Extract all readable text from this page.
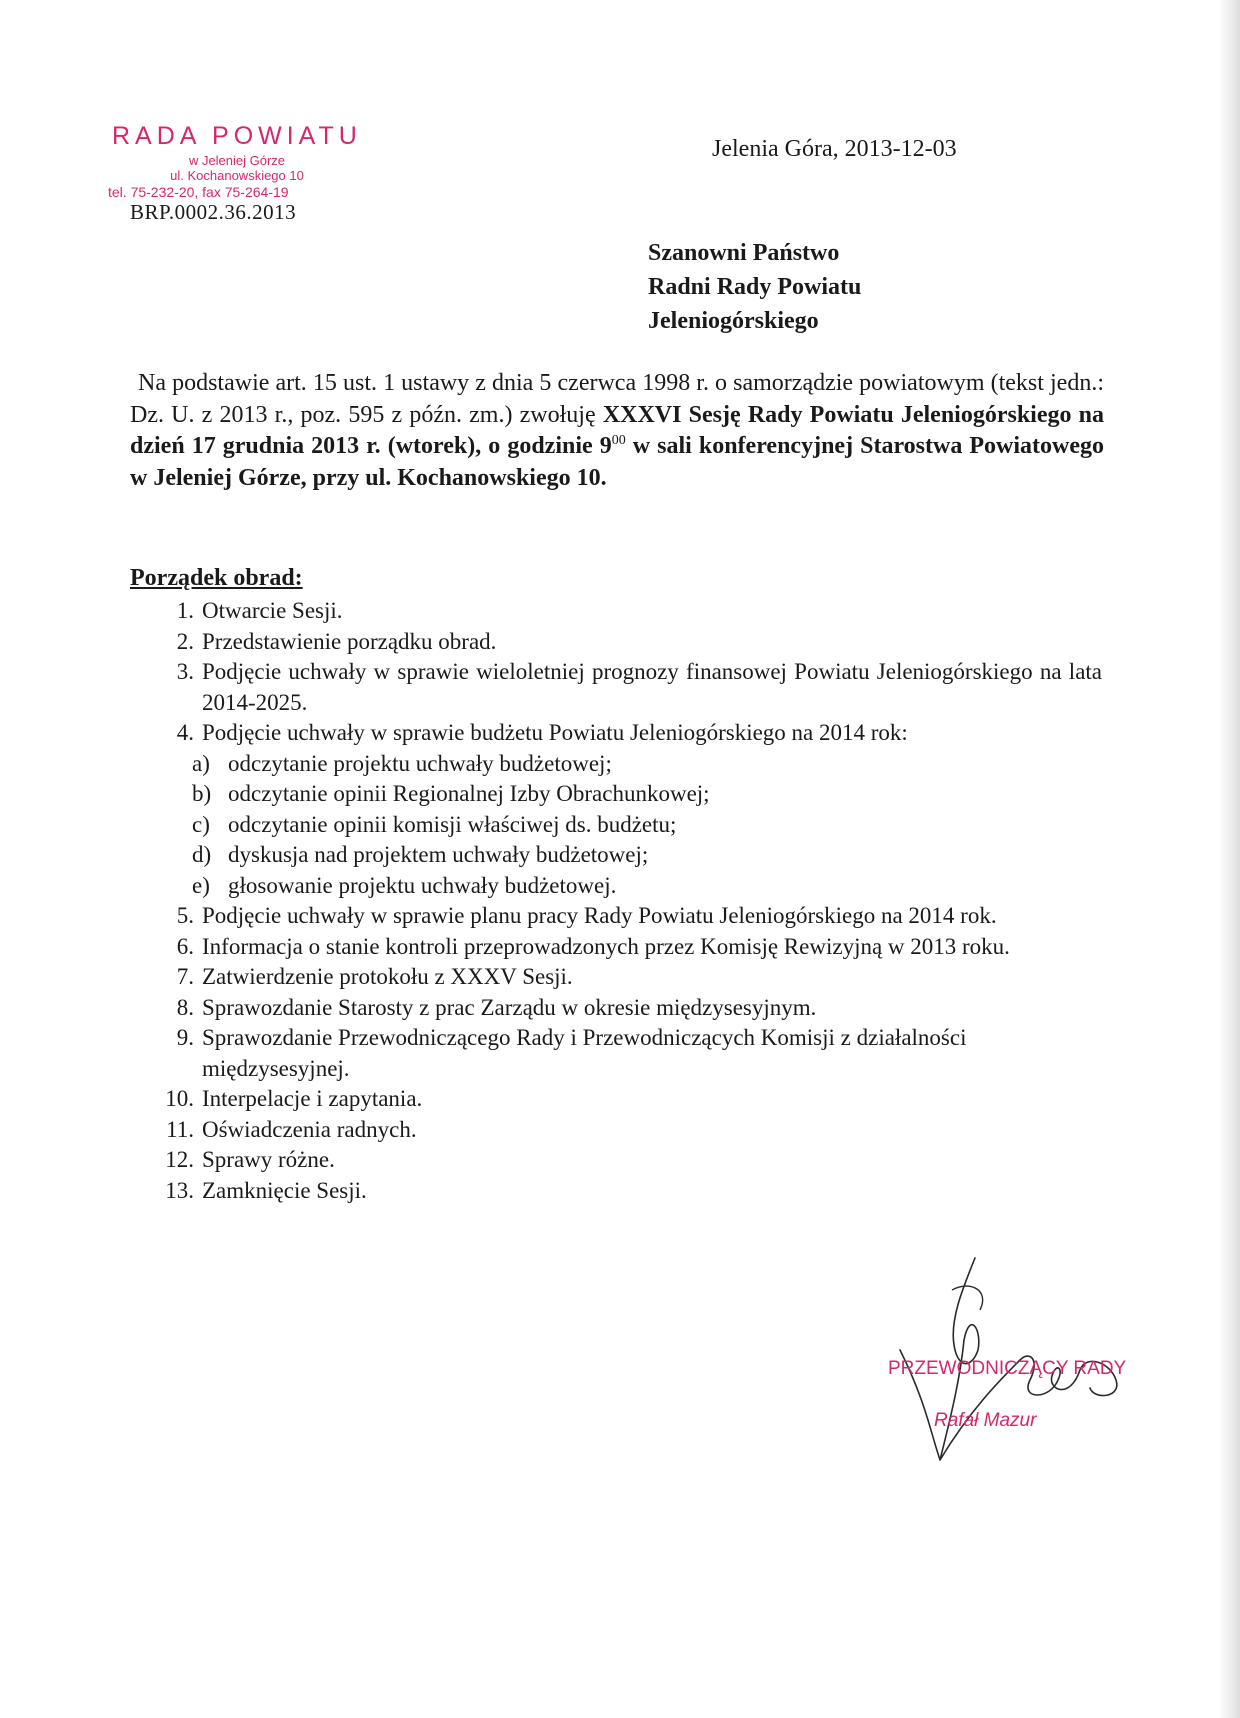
RADA POWIATU
w Jeleniej Górze
ul. Kochanowskiego 10
tel. 75-232-20, fax 75-264-19
BRP.0002.36.2013
Jelenia Góra, 2013-12-03
Szanowni Państwo
Radni Rady Powiatu
Jeleniogórskiego
Na podstawie art. 15 ust. 1 ustawy z dnia 5 czerwca 1998 r. o samorządzie powiatowym (tekst jedn.: Dz. U. z 2013 r., poz. 595 z późn. zm.) zwołuję XXXVI Sesję Rady Powiatu Jeleniogórskiego na dzień 17 grudnia 2013 r. (wtorek), o godzinie $9^{00}$ w sali konferencyjnej Starostwa Powiatowego w Jeleniej Górze, przy ul. Kochanowskiego 10.
Porządek obrad:
1. Otwarcie Sesji.
2. Przedstawienie porządku obrad.
3. Podjęcie uchwały w sprawie wieloletniej prognozy finansowej Powiatu Jeleniogórskiego na lata 2014-2025.
4. Podjęcie uchwały w sprawie budżetu Powiatu Jeleniogórskiego na 2014 rok:
a) odczytanie projektu uchwały budżetowej;
b) odczytanie opinii Regionalnej Izby Obrachunkowej;
c) odczytanie opinii komisji właściwej ds. budżetu;
d) dyskusja nad projektem uchwały budżetowej;
e) głosowanie projektu uchwały budżetowej.
5. Podjęcie uchwały w sprawie planu pracy Rady Powiatu Jeleniogórskiego na 2014 rok.
6. Informacja o stanie kontroli przeprowadzonych przez Komisję Rewizyjną w 2013 roku.
7. Zatwierdzenie protokołu z XXXV Sesji.
8. Sprawozdanie Starosty z prac Zarządu w okresie międzysesyjnym.
9. Sprawozdanie Przewodniczącego Rady i Przewodniczących Komisji z działalności międzysesyjnej.
10. Interpelacje i zapytania.
11. Oświadczenia radnych.
12. Sprawy różne.
13. Zamknięcie Sesji.
PRZEWODNICZĄCY RADY
Rafał Mazur
